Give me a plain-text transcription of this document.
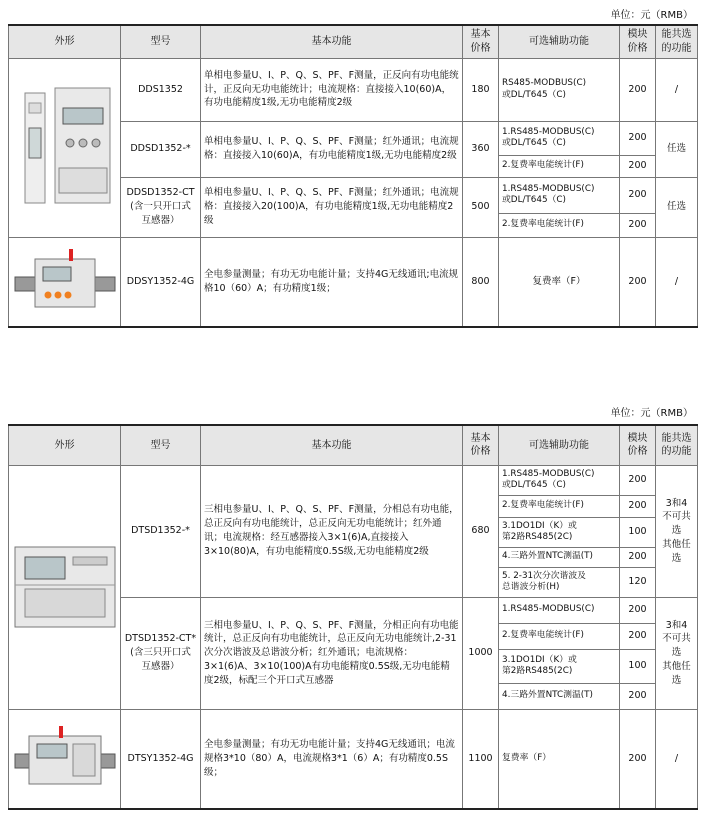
单位：元（RMB）
外形	型号	基本功能	基本价格	可选辅助功能	模块价格	能共选的功能

	DDS1352	单相电参量U、I、P、Q、S、PF、F测量，正反向有功电能统计，正反向无功电能统计；电流规格：直接接入10(60)A，有功电能精度1级,无功电能精度2级	180	RS485-MODBUS(C)
或DL/T645（C)	200	/
	DDSD1352-*	单相电参量U、I、P、Q、S、PF、F测量；红外通讯；电流规格：直接接入10(60)A，有功电能精度1级,无功电能精度2级	360	1.RS485-MODBUS(C)
或DL/T645（C)	200	任选
				2.复费率电能统计(F)	200	
	DDSD1352-CT
(含一只开口式
互感器）	单相电参量U、I、P、Q、S、PF、F测量；红外通讯；电流规格：直接接入20(100)A，有功电能精度1级,无功电能精度2级	500	1.RS485-MODBUS(C)
或DL/T645（C)	200	任选
				2.复费率电能统计(F)	200	

	DDSY1352-4G	全电参量测量；有功无功电能计量；支持4G无线通讯;电流规格10（60）A；有功精度1级；	800	复费率（F）	200	/
单位：元（RMB）
外形	型号	基本功能	基本价格	可选辅助功能	模块价格	能共选的功能

	DTSD1352-*	三相电参量U、I、P、Q、S、PF、F测量，分相总有功电能，总正反向有功电能统计，总正反向无功电能统计；红外通讯；电流规格：经互感器接入3×1(6)A,直接接入3×10(80)A，有功电能精度0.5S级,无功电能精度2级	680	1.RS485-MODBUS(C)
或DL/T645（C)	200	3和4
不可共选
其他任选
				2.复费率电能统计(F)	200	
				3.1DO1DI（K）或
第2路RS485(2C)	100	
				4.三路外置NTC测温(T)	200	
				5. 2-31次分次谐波及
总谐波分析(H)	120	
	DTSD1352-CT*
(含三只开口式
互感器）	三相电参量U、I、P、Q、S、PF、F测量，分相正向有功电能统计，总正反向有功电能统计，总正反向无功电能统计,2-31次分次谐波及总谐波分析；红外通讯；电流规格：3×1(6)A、3×10(100)A有功电能精度0.5S级,无功电能精度2级，标配三个开口式互感器	1000	1.RS485-MODBUS(C)	200	3和4
不可共选
其他任选
				2.复费率电能统计(F)	200	
				3.1DO1DI（K）或
第2路RS485(2C)	100	
				4.三路外置NTC测温(T)	200	

	DTSY1352-4G	全电参量测量；有功无功电能计量；支持4G无线通讯；电流规格3*10（80）A，电流规格3*1（6）A；有功精度0.5S级；	1100	复费率（F）	200	/
